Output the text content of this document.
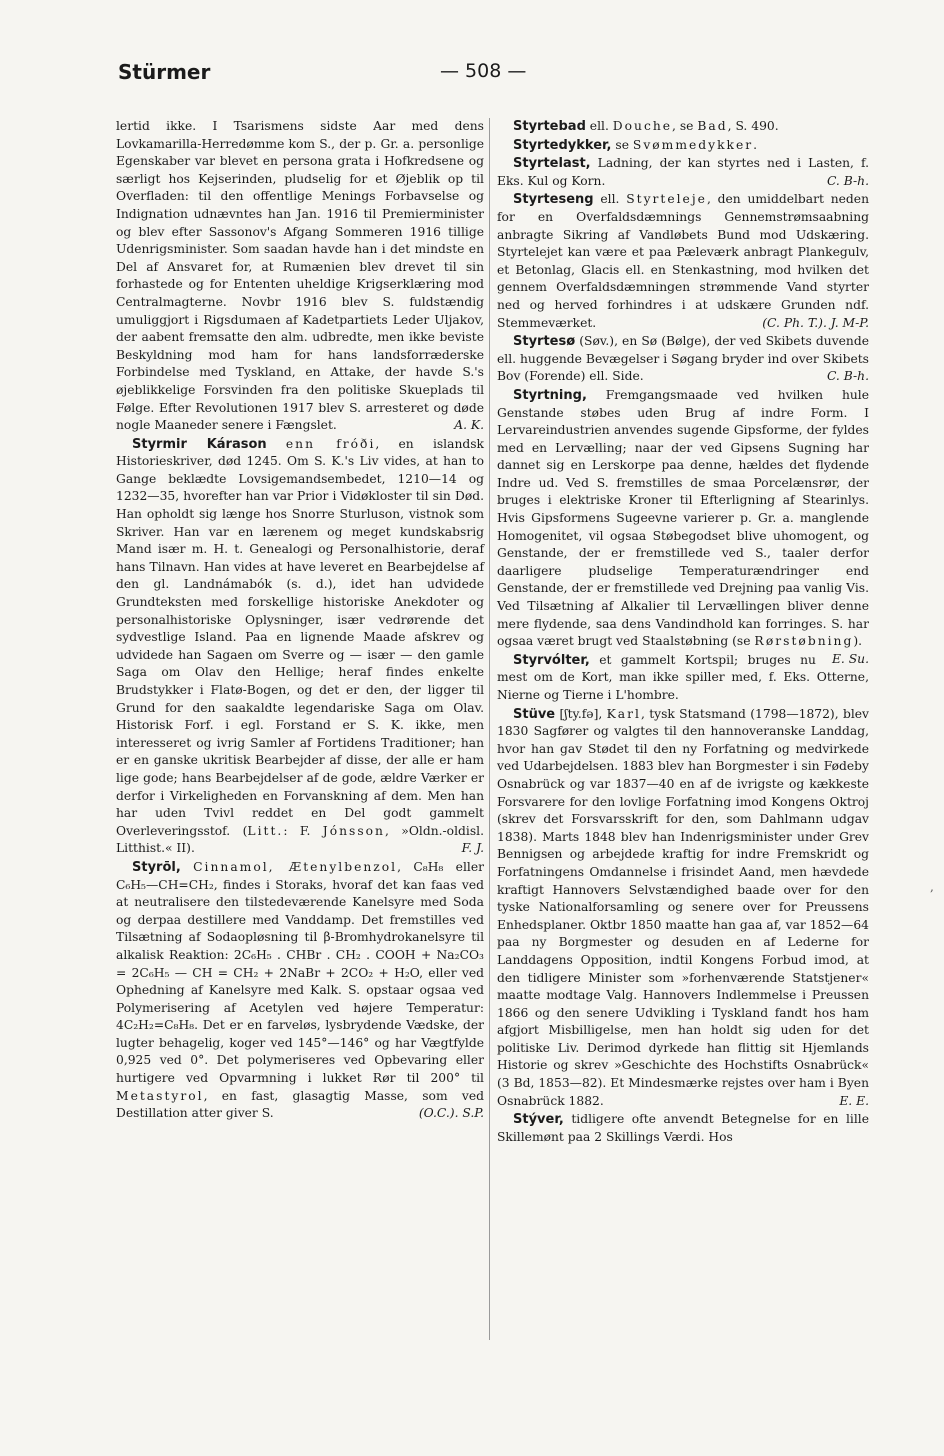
Stürmer	— 508 —

lertid ikke. I Tsarismens sidste Aar med dens Lovkamarilla-Herredømme kom S., der p. Gr. a. personlige Egenskaber var blevet en persona grata i Hofkredsene og særligt hos Kejserinden, pludselig for et Øjeblik op til Overfladen: til den offentlige Menings Forbavselse og Indignation udnævntes han Jan. 1916 til Premierminister og blev efter Sassonov's Afgang Sommeren 1916 tillige Udenrigsminister. Som saadan havde han i det mindste en Del af Ansvaret for, at Rumænien blev drevet til sin forhastede og for Ententen uheldige Krigserklæring mod Centralmagterne. Novbr 1916 blev S. fuldstændig umuliggjort i Rigsdumaen af Kadetpartiets Leder Uljakov, der aabent fremsatte den alm. udbredte, men ikke beviste Beskyldning mod ham for hans landsforræderske Forbindelse med Tyskland, en Attake, der havde S.'s øjeblikkelige Forsvinden fra den politiske Skueplads til Følge. Efter Revolutionen 1917 blev S. arresteret og døde nogle Maaneder senere i Fængslet.	A. K.

Styrmir Kárason enn fróði, en islandsk Historieskriver, død 1245. Om S. K.'s Liv vides, at han to Gange beklædte Lovsigemandsembedet, 1210—14 og 1232—35, hvorefter han var Prior i Vidøkloster til sin Død. Han opholdt sig længe hos Snorre Sturluson, vistnok som Skriver. Han var en lærenem og meget kundskabsrig Mand især m. H. t. Genealogi og Personalhistorie, deraf hans Tilnavn. Han vides at have leveret en Bearbejdelse af den gl. Landnámabók (s. d.), idet han udvidede Grundteksten med forskellige historiske Anekdoter og personalhistoriske Oplysninger, især vedrørende det sydvestlige Island. Paa en lignende Maade afskrev og udvidede han Sagaen om Sverre og — især — den gamle Saga om Olav den Hellige; heraf findes enkelte Brudstykker i Flatø-Bogen, og det er den, der ligger til Grund for den saakaldte legendariske Saga om Olav. Historisk Forf. i egl. Forstand er S. K. ikke, men interesseret og ivrig Samler af Fortidens Traditioner; han er en ganske ukritisk Bearbejder af disse, der alle er ham lige gode; hans Bearbejdelser af de gode, ældre Værker er derfor i Virkeligheden en Forvanskning af dem. Men han har uden Tvivl reddet en Del godt gammelt Overleveringsstof. (Litt.: F. Jónsson, »Oldn.-oldisl. Litthist.« II).	F. J.

Styrōl, Cinnamol, Ætenylbenzol, C₈H₈ eller C₆H₅—CH=CH₂, findes i Storaks, hvoraf det kan faas ved at neutralisere den tilstedeværende Kanelsyre med Soda og derpaa destillere med Vanddamp. Det fremstilles ved Tilsætning af Sodaopløsning til β-Bromhydrokanelsyre til alkalisk Reaktion: 2C₆H₅ . CHBr . CH₂ . COOH + Na₂CO₃ = 2C₆H₅ — CH = CH₂ + 2NaBr + 2CO₂ + H₂O, eller ved Ophedning af Kanelsyre med Kalk. S. opstaar ogsaa ved Polymerisering af Acetylen ved højere Temperatur: 4C₂H₂=C₈H₈. Det er en farveløs, lysbrydende Vædske, der lugter behagelig, koger ved 145°—146° og har Vægtfylde 0,925 ved 0°. Det polymeriseres ved Opbevaring eller hurtigere ved Opvarmning i lukket Rør til 200° til Metastyrol, en fast, glasagtig Masse, som ved Destillation atter giver S.	(O.C.). S.P.

Styrtebad ell. Douche, se Bad, S. 490.

Styrtedykker, se Svømmedykker.

Styrtelast, Ladning, der kan styrtes ned i Lasten, f. Eks. Kul og Korn.	C. B-h.

Styrteseng ell. Styrteleje, den umiddelbart neden for en Overfaldsdæmnings Gennemstrømsaabning anbragte Sikring af Vandløbets Bund mod Udskæring. Styrtelejet kan være et paa Pæleværk anbragt Plankegulv, et Betonlag, Glacis ell. en Stenkastning, mod hvilken det gennem Overfaldsdæmningen strømmende Vand styrter ned og herved forhindres i at udskære Grunden ndf. Stemmeværket.	(C. Ph. T.). J. M-P.

Styrtesø (Søv.), en Sø (Bølge), der ved Skibets duvende ell. huggende Bevægelser i Søgang bryder ind over Skibets Bov (Forende) ell. Side.	C. B-h.

Styrtning, Fremgangsmaade ved hvilken hule Genstande støbes uden Brug af indre Form. I Lervareindustrien anvendes sugende Gipsforme, der fyldes med en Lervælling; naar der ved Gipsens Sugning har dannet sig en Lerskorpe paa denne, hældes det flydende Indre ud. Ved S. fremstilles de smaa Porcelænsrør, der bruges i elektriske Kroner til Efterligning af Stearinlys. Hvis Gipsformens Sugeevne varierer p. Gr. a. manglende Homogenitet, vil ogsaa Støbegodset blive uhomogent, og Genstande, der er fremstillede ved S., taaler derfor daarligere pludselige Temperaturændringer end Genstande, der er fremstillede ved Drejning paa vanlig Vis. Ved Tilsætning af Alkalier til Lervællingen bliver denne mere flydende, saa dens Vandindhold kan forringes. S. har ogsaa været brugt ved Staalstøbning (se Rørstøbning).
E. Su.

Styrvólter, et gammelt Kortspil; bruges nu mest om de Kort, man ikke spiller med, f. Eks. Otterne, Nierne og Tierne i L'hombre.

Stüve [ʃty.fə], Karl, tysk Statsmand (1798—1872), blev 1830 Sagfører og valgtes til den hannoveranske Landdag, hvor han gav Stødet til den ny Forfatning og medvirkede ved Udarbejdelsen. 1883 blev han Borgmester i sin Fødeby Osnabrück og var 1837—40 en af de ivrigste og kækkeste Forsvarere for den lovlige Forfatning imod Kongens Oktroj (skrev det Forsvarsskrift for den, som Dahlmann udgav 1838). Marts 1848 blev han Indenrigsminister under Grev Bennigsen og arbejdede kraftig for indre Fremskridt og Forfatningens Omdannelse i frisindet Aand, men hævdede kraftigt Hannovers Selvstændighed baade over for den tyske Nationalforsamling og senere over for Preussens Enhedsplaner. Oktbr 1850 maatte han gaa af, var 1852—64 paa ny Borgmester og desuden en af Lederne for Landdagens Opposition, indtil Kongens Forbud imod, at den tidligere Minister som »forhenværende Statstjener« maatte modtage Valg. Hannovers Indlemmelse i Preussen 1866 og den senere Udvikling i Tyskland fandt hos ham afgjort Misbilligelse, men han holdt sig uden for det politiske Liv. Derimod dyrkede han flittig sit Hjemlands Historie og skrev »Geschichte des Hochstifts Osnabrück« (3 Bd, 1853—82). Et Mindesmærke rejstes over ham i Byen Osnabrück 1882.	E. E.

Stýver, tidligere ofte anvendt Betegnelse for en lille Skillemønt paa 2 Skillings Værdi. Hos

,
